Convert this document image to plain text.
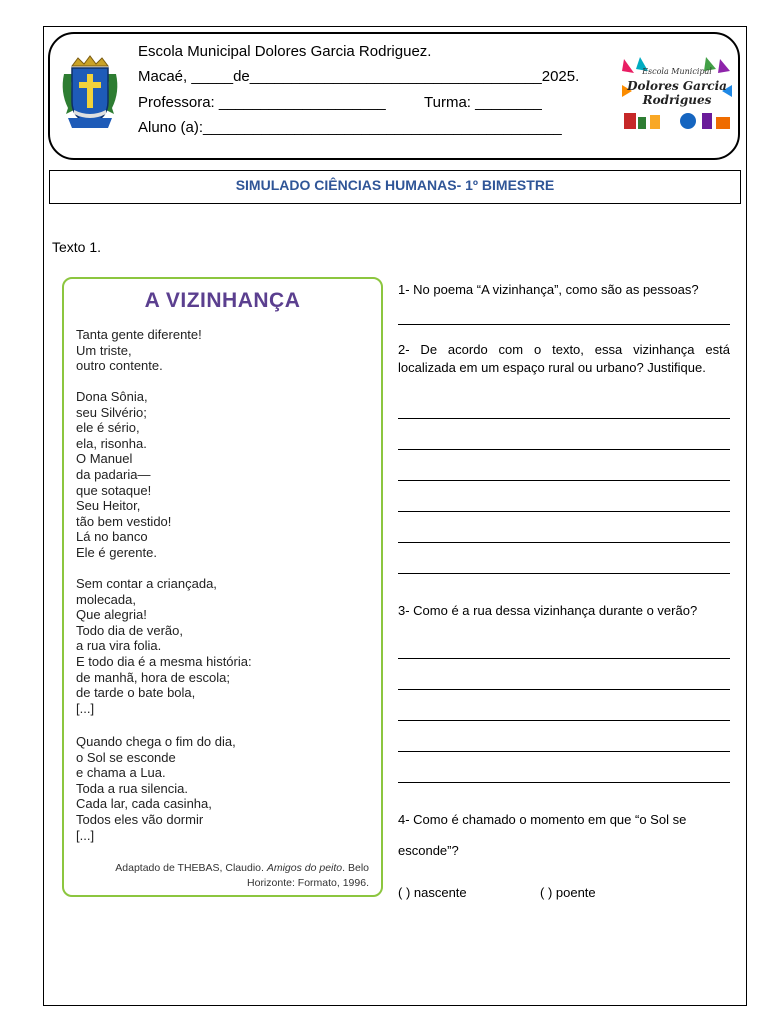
Escola Municipal Dolores Garcia Rodriguez.
Macaé, _____de___________________________________2025.
Professora: ____________________	Turma: ________
Aluno (a):___________________________________________
Escola Municipal
Dolores Garcia
Rodrigues
SIMULADO CIÊNCIAS HUMANAS- 1º BIMESTRE
Texto 1.
A VIZINHANÇA
Tanta gente diferente!
Um triste,
outro contente.
Dona Sônia,
seu Silvério;
ele é sério,
ela, risonha.
O Manuel
da padaria—
que sotaque!
Seu Heitor,
tão bem vestido!
Lá no banco
Ele é gerente.
Sem contar a criançada,
molecada,
Que alegria!
Todo dia de verão,
a rua vira folia.
E todo dia é a mesma história:
de manhã, hora de escola;
de tarde o bate bola,
[...]
Quando chega o fim do dia,
o Sol se esconde
e chama a Lua.
Toda a rua silencia.
Cada lar, cada casinha,
Todos eles vão dormir
[...]
Adaptado de THEBAS, Claudio. Amigos do peito. Belo
Horizonte: Formato, 1996.
1- No poema “A vizinhança”, como são as pessoas?
2- De acordo com o texto, essa vizinhança está localizada em um espaço rural ou urbano? Justifique.
3- Como é a rua dessa vizinhança durante o verão?
4- Como é chamado o momento em que “o Sol se
esconde”?
( ) nascente	( ) poente
